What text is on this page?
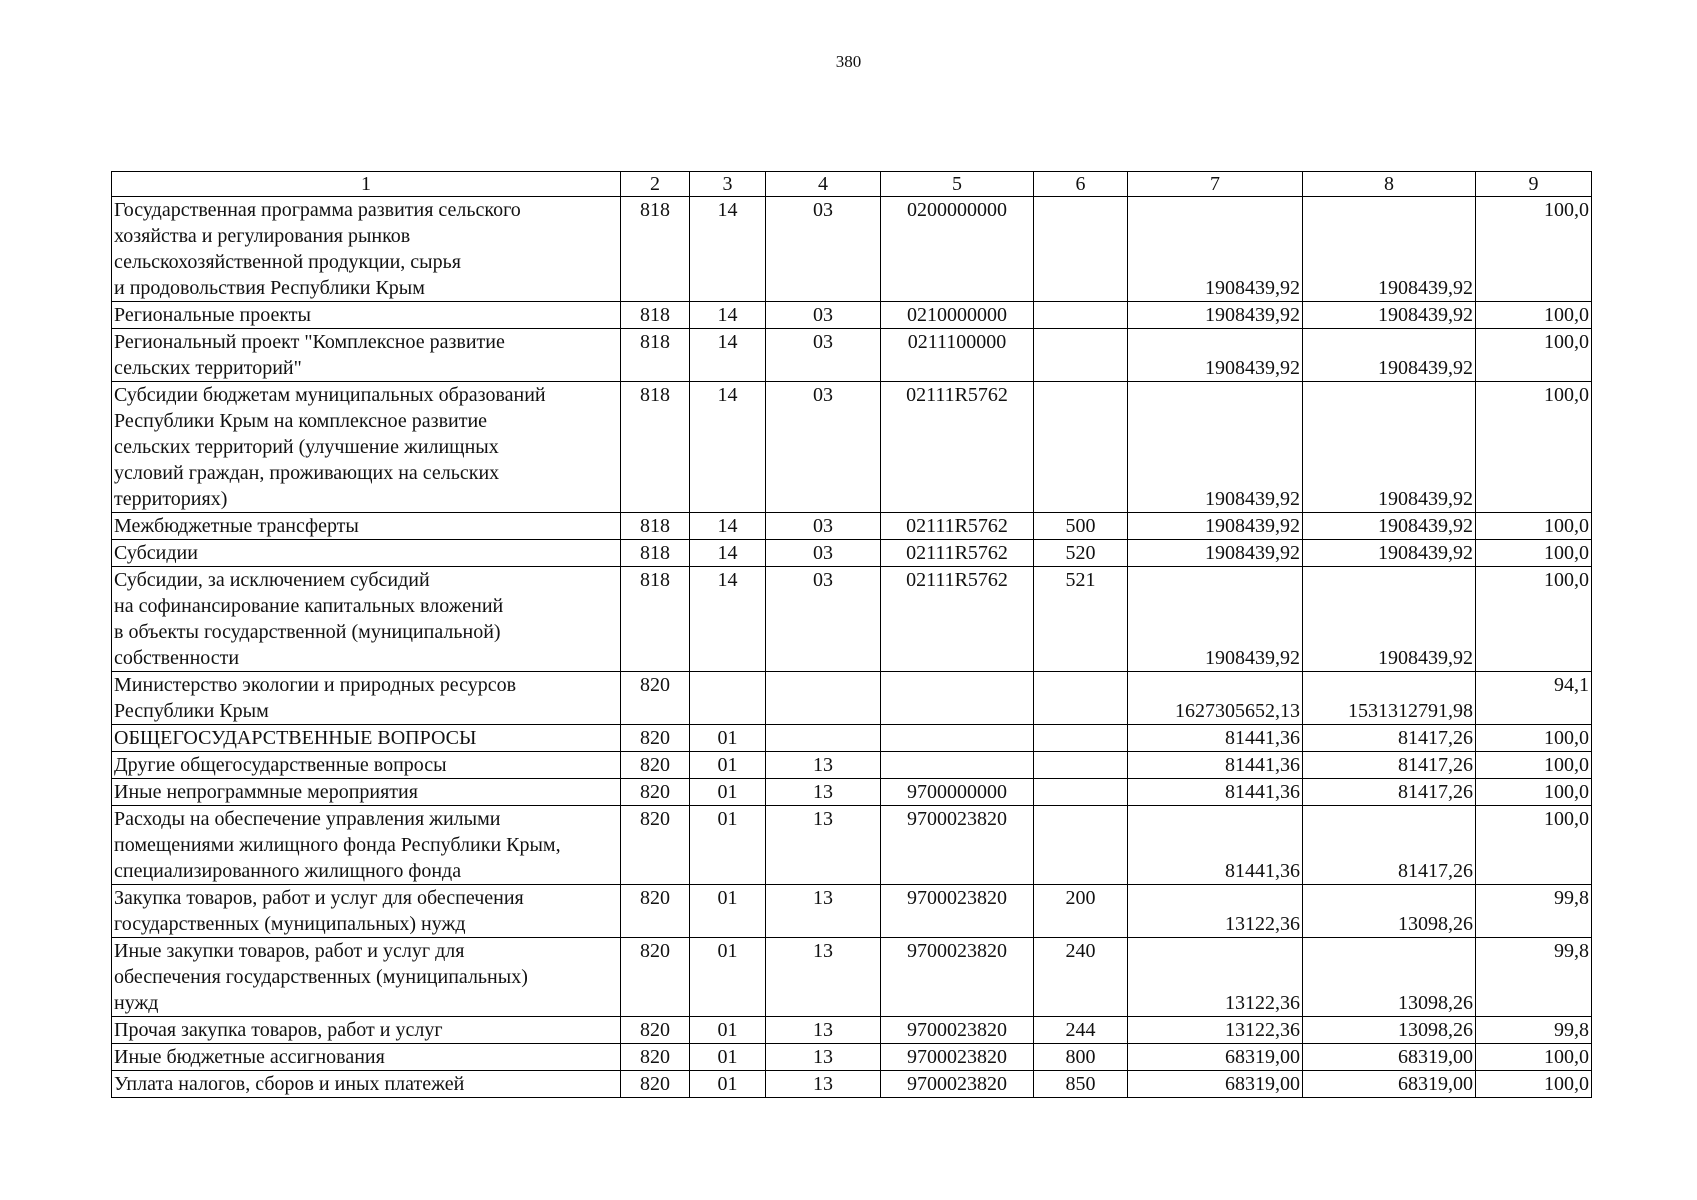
380
1	2	3	4	5	6	7	8	9
Государственная программа развития сельского
хозяйства и регулирования рынков
сельскохозяйственной продукции, сырья
и продовольствия Республики Крым	818	14	03	0200000000		1908439,92	1908439,92	100,0
Региональные проекты	818	14	03	0210000000		1908439,92	1908439,92	100,0
Региональный проект "Комплексное развитие
сельских территорий"	818	14	03	0211100000		1908439,92	1908439,92	100,0
Субсидии бюджетам муниципальных образований
Республики Крым на комплексное развитие
сельских территорий (улучшение жилищных
условий граждан, проживающих на сельских
территориях)	818	14	03	02111R5762		1908439,92	1908439,92	100,0
Межбюджетные трансферты	818	14	03	02111R5762	500	1908439,92	1908439,92	100,0
Субсидии	818	14	03	02111R5762	520	1908439,92	1908439,92	100,0
Субсидии, за исключением субсидий
на софинансирование капитальных вложений
в объекты государственной (муниципальной)
собственности	818	14	03	02111R5762	521	1908439,92	1908439,92	100,0
Министерство экологии и природных ресурсов
Республики Крым	820					1627305652,13	1531312791,98	94,1
ОБЩЕГОСУДАРСТВЕННЫЕ ВОПРОСЫ	820	01				81441,36	81417,26	100,0
Другие общегосударственные вопросы	820	01	13			81441,36	81417,26	100,0
Иные непрограммные мероприятия	820	01	13	9700000000		81441,36	81417,26	100,0
Расходы на обеспечение управления жилыми
помещениями жилищного фонда Республики Крым,
специализированного жилищного фонда	820	01	13	9700023820		81441,36	81417,26	100,0
Закупка товаров, работ и услуг для обеспечения
государственных (муниципальных) нужд	820	01	13	9700023820	200	13122,36	13098,26	99,8
Иные закупки товаров, работ и услуг для
обеспечения государственных (муниципальных)
нужд	820	01	13	9700023820	240	13122,36	13098,26	99,8
Прочая закупка товаров, работ и услуг	820	01	13	9700023820	244	13122,36	13098,26	99,8
Иные бюджетные ассигнования	820	01	13	9700023820	800	68319,00	68319,00	100,0
Уплата налогов, сборов и иных платежей	820	01	13	9700023820	850	68319,00	68319,00	100,0
